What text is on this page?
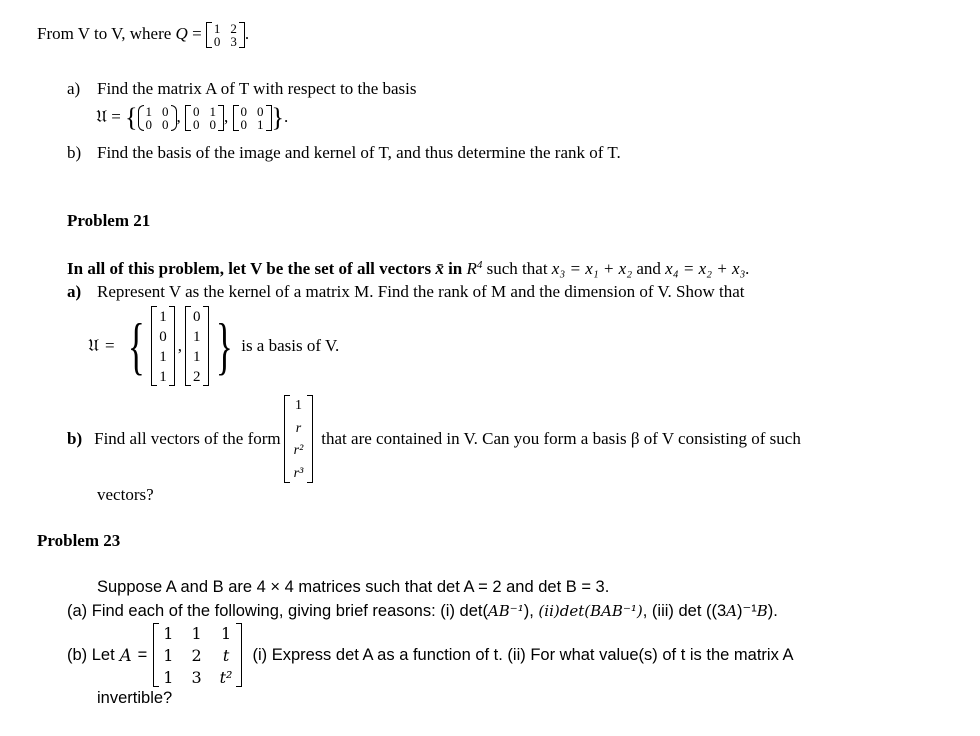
From V to V, where Q = 1 2
0 3 .
a) Find the matrix A of T with respect to the basis
𝔘 = { 1 0
0 0 , 0 1
0 0 , 0 0
0 1 }.
b) Find the basis of the image and kernel of T, and thus determine the rank of T.
Problem 21
In all of this problem, let V be the set of all vectors x̄ in $R^4$ such that x₃ = x₁ + x₂ and x₄ = x₂ + x₃.
a) Represent V as the kernel of a matrix M. Find the rank of M and the dimension of V. Show that
𝔘 = { 1
0
1
1
,
0
1
1
2 } is a basis of V.
b) Find all vectors of the form
1
r
r²
r³
that are contained in V. Can you form a basis β of V consisting of such
vectors?
Problem 23
Suppose A and B are 4 × 4 matrices such that det A = 2 and det B = 3.
(a) Find each of the following, giving brief reasons: (i) det(AB⁻¹), (ii)det(BAB⁻¹), (iii) det ((3A)⁻¹B).
(b) Let A =
1 1 1
1 2 t
1 3 t²
(i) Express det A as a function of t. (ii) For what value(s) of t is the matrix A
invertible?
